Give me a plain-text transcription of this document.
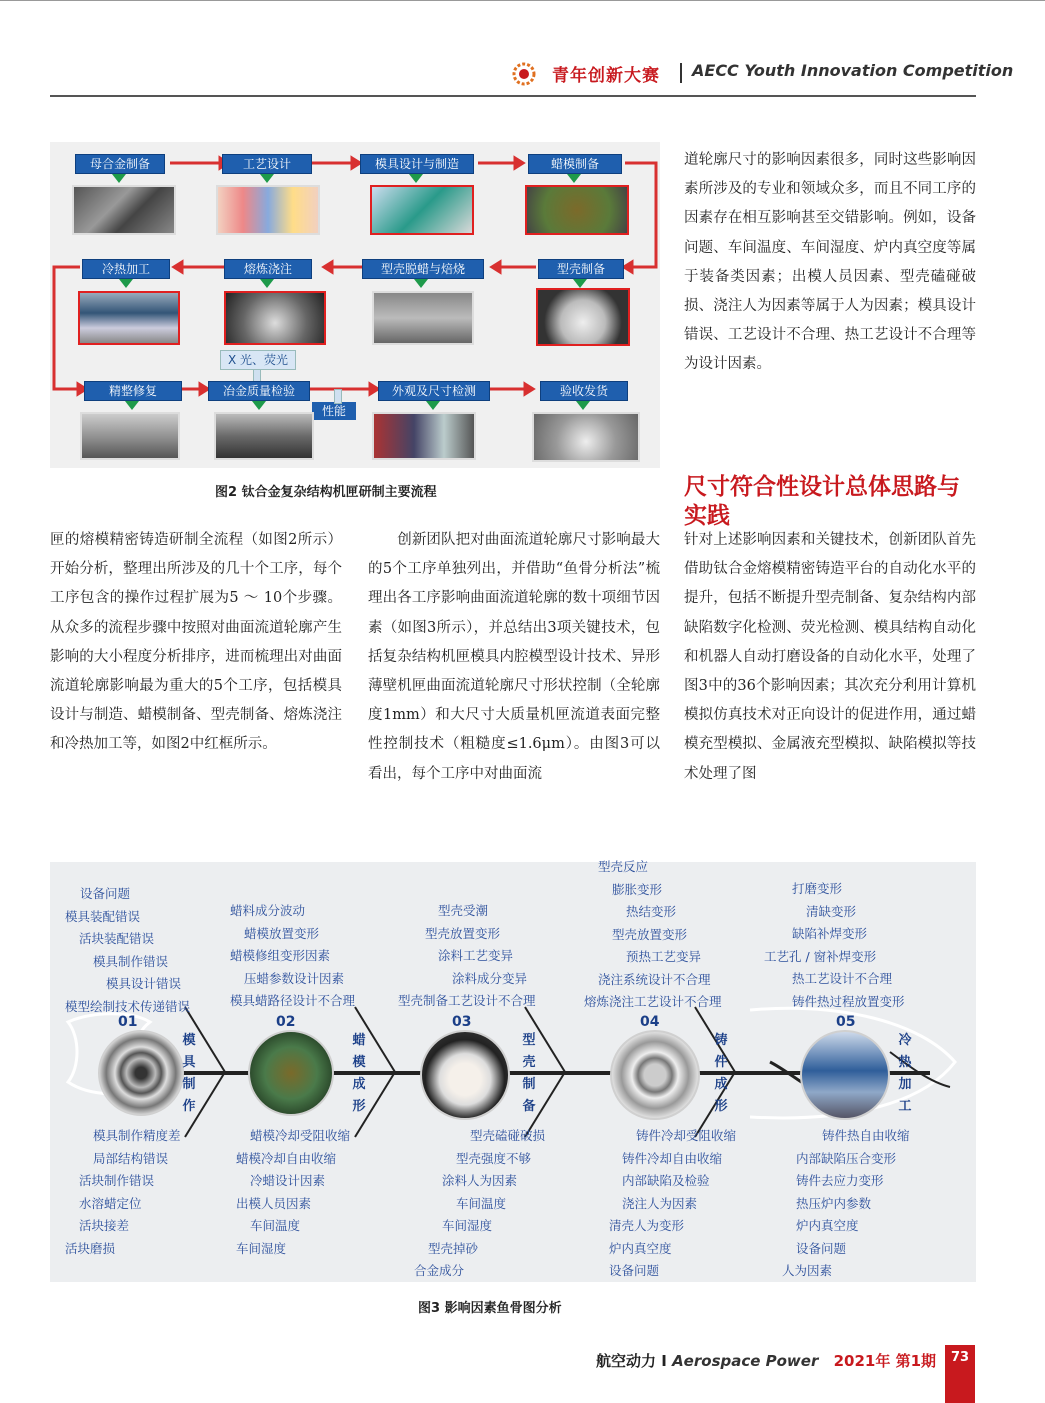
青年创新大赛 AECC Youth Innovation Competition
母合金制备	工艺设计	模具设计与制造	蜡模制备
冷热加工	熔炼浇注	型壳脱蜡与焙烧	型壳制备
X 光、荧光
精整修复	冶金质量检验	外观及尺寸检测	验收发货
性能
图2 钛合金复杂结构机匣研制主要流程

匣的熔模精密铸造研制全流程（如图2所示）开始分析，整理出所涉及的几十个工序，每个工序包含的操作过程扩展为5 ～ 10个步骤。从众多的流程步骤中按照对曲面流道轮廓产生影响的大小程度分析排序，进而梳理出对曲面流道轮廓影响最为重大的5个工序，包括模具设计与制造、蜡模制备、型壳制备、熔炼浇注和冷热加工等，如图2中红框所示。

　　创新团队把对曲面流道轮廓尺寸影响最大的5个工序单独列出，并借助“鱼骨分析法”梳理出各工序影响曲面流道轮廓的数十项细节因素（如图3所示），并总结出3项关键技术，包括复杂结构机匣模具内腔模型设计技术、异形薄壁机匣曲面流道轮廓尺寸形状控制（全轮廓度1mm）和大尺寸大质量机匣流道表面完整性控制技术（粗糙度≤1.6μm）。由图3可以看出，每个工序中对曲面流

道轮廓尺寸的影响因素很多，同时这些影响因素所涉及的专业和领域众多，而且不同工序的因素存在相互影响甚至交错影响。例如，设备问题、车间温度、车间湿度、炉内真空度等属于装备类因素；出模人员因素、型壳磕碰破损、浇注人为因素等属于人为因素；模具设计错误、工艺设计不合理、热工艺设计不合理等为设计因素。

尺寸符合性设计总体思路与实践

针对上述影响因素和关键技术，创新团队首先借助钛合金熔模精密铸造平台的自动化水平的提升，包括不断提升型壳制备、复杂结构内部缺陷数字化检测、荧光检测、模具结构自动化和机器人自动打磨设备的自动化水平，处理了图3中的36个影响因素；其次充分利用计算机模拟仿真技术对正向设计的促进作用，通过蜡模充型模拟、金属液充型模拟、缺陷模拟等技术处理了图

设备问题
模具装配错误
活块装配错误
模具制作错误
模具设计错误
模型绘制技术传递错误
01
模
具
制
作
模具制作精度差
局部结构错误
活块制作错误
水溶蜡定位
活块接差
活块磨损
蜡料成分波动
蜡模放置变形
蜡模修组变形因素
压蜡参数设计因素
模具蜡路径设计不合理
02
蜡
模
成
形
蜡模冷却受阻收缩
蜡模冷却自由收缩
冷蜡设计因素
出模人员因素
车间温度
车间湿度
型壳受潮
型壳放置变形
涂料工艺变异
涂料成分变异
型壳制备工艺设计不合理
03
型
壳
制
备
型壳磕碰破损
型壳强度不够
涂料人为因素
车间温度
车间湿度
型壳掉砂
合金成分
型壳反应
膨胀变形
热结变形
型壳放置变形
预热工艺变异
浇注系统设计不合理
熔炼浇注工艺设计不合理
04
铸
件
成
形
铸件冷却受阻收缩
铸件冷却自由收缩
内部缺陷及检验
浇注人为因素
清壳人为变形
炉内真空度
设备问题
打磨变形
清缺变形
缺陷补焊变形
工艺孔 / 窗补焊变形
热工艺设计不合理
铸件热过程放置变形
05
冷
热
加
工
铸件热自由收缩
内部缺陷压合变形
铸件去应力变形
热压炉内参数
炉内真空度
设备问题
人为因素
图3 影响因素鱼骨图分析
航空动力 I Aerospace Power 2021年 第1期	73
